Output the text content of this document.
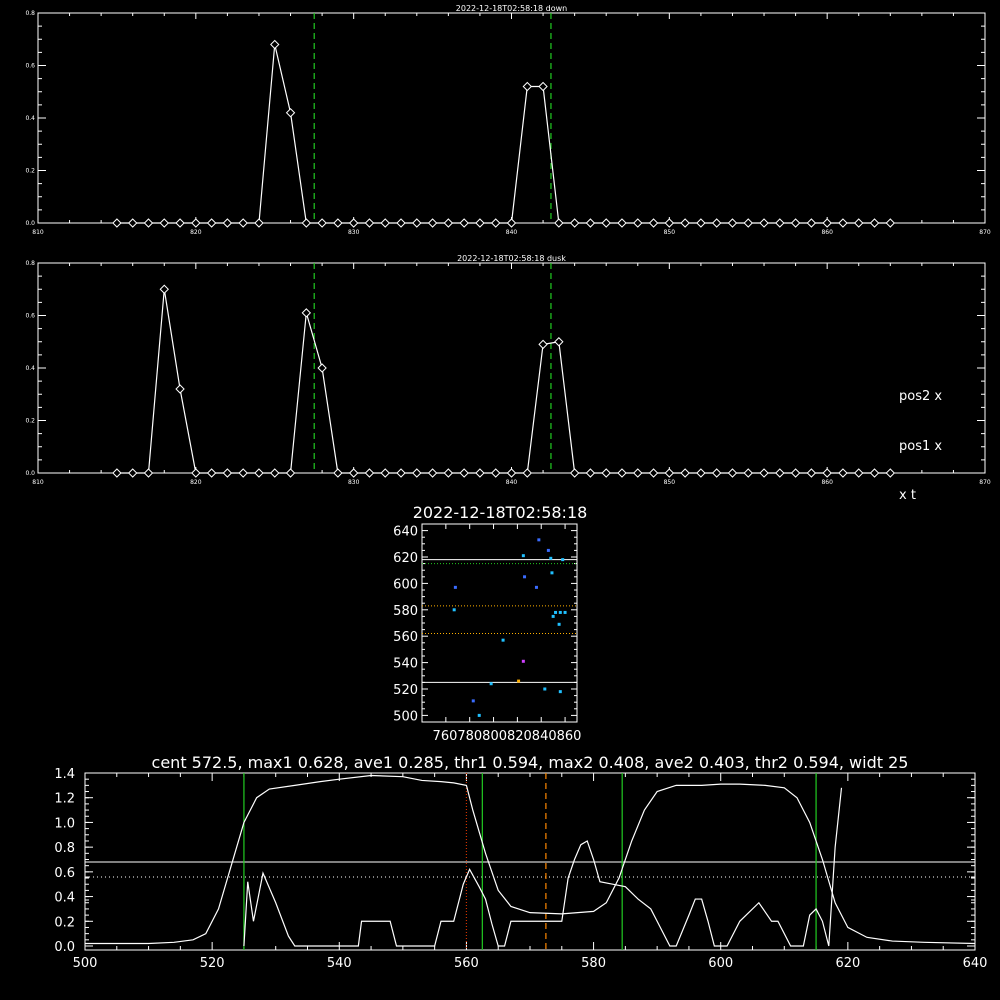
2022-12-18T02:58:18 down
810	820	830	840	850	860	870
0.0
0.2
0.4
0.6
0.8
2022-12-18T02:58:18 dusk
810	820	830	840	850	860	870
0.0
0.2
0.4
0.6
0.8
pos2 x
pos1 x
x t
2022-12-18T02:58:18
500
520
540
560
580
600
620
640
760780800820840860
cent 572.5, max1 0.628, ave1 0.285, thr1 0.594, max2 0.408, ave2 0.403, thr2 0.594, widt 25
500	520	540	560	580	600	620	640
0.0
0.2
0.4
0.6
0.8
1.0
1.2
1.4
